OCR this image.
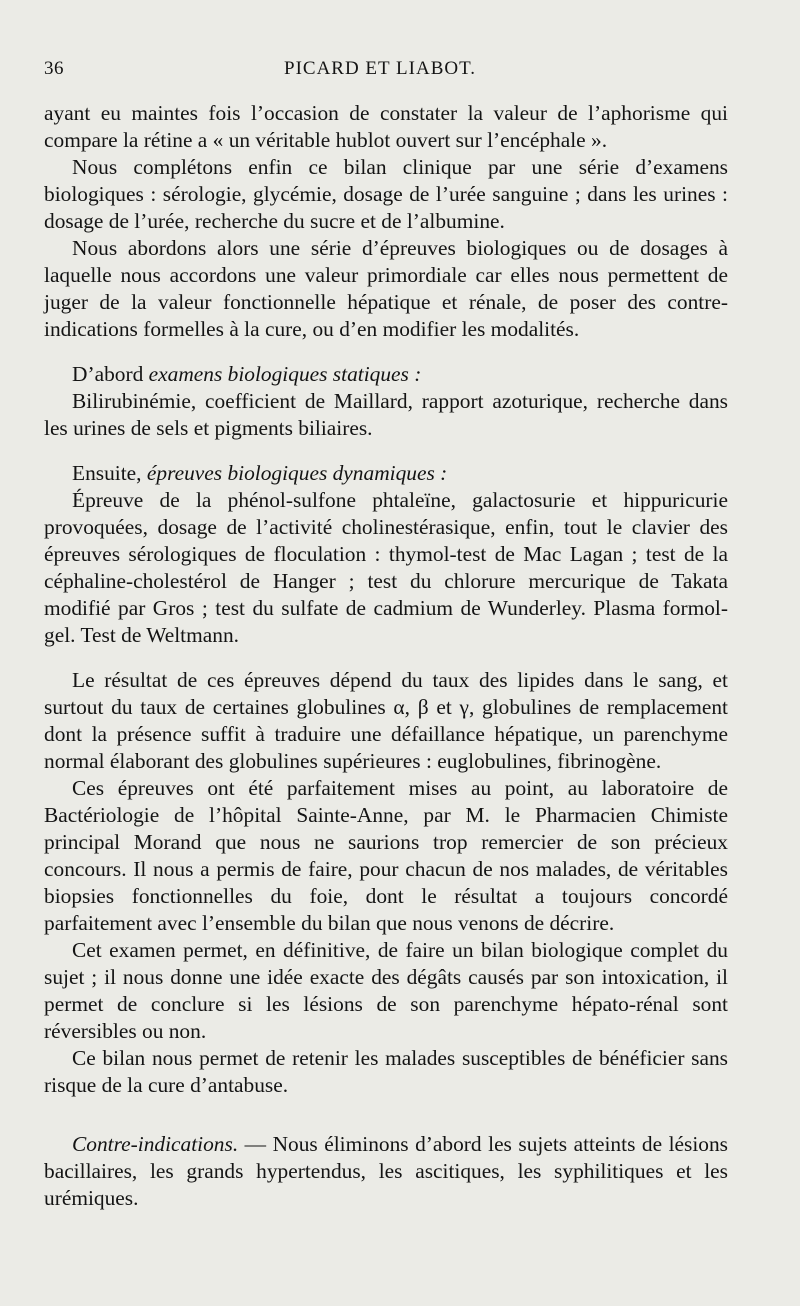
36	PICARD ET LIABOT.

ayant eu maintes fois l’occasion de constater la valeur de l’aphorisme qui compare la rétine a « un véritable hublot ouvert sur l’encéphale ».

Nous complétons enfin ce bilan clinique par une série d’examens biologiques : sérologie, glycémie, dosage de l’urée sanguine ; dans les urines : dosage de l’urée, recherche du sucre et de l’albumine.

Nous abordons alors une série d’épreuves biologiques ou de dosages à laquelle nous accordons une valeur primordiale car elles nous permettent de juger de la valeur fonctionnelle hépatique et rénale, de poser des contre-indications formelles à la cure, ou d’en modifier les modalités.

D’abord examens biologiques statiques :

Bilirubinémie, coefficient de Maillard, rapport azoturique, recherche dans les urines de sels et pigments biliaires.

Ensuite, épreuves biologiques dynamiques :

Épreuve de la phénol-sulfone phtaleïne, galactosurie et hippuricurie provoquées, dosage de l’activité cholinestérasique, enfin, tout le clavier des épreuves sérologiques de floculation : thymol-test de Mac Lagan ; test de la céphaline-cholestérol de Hanger ; test du chlorure mercurique de Takata modifié par Gros ; test du sulfate de cadmium de Wunderley. Plasma formol-gel. Test de Weltmann.

Le résultat de ces épreuves dépend du taux des lipides dans le sang, et surtout du taux de certaines globulines α, β et γ, globulines de remplacement dont la présence suffit à traduire une défaillance hépatique, un parenchyme normal élaborant des globulines supérieures : euglobulines, fibrinogène.

Ces épreuves ont été parfaitement mises au point, au laboratoire de Bactériologie de l’hôpital Sainte-Anne, par M. le Pharmacien Chimiste principal Morand que nous ne saurions trop remercier de son précieux concours. Il nous a permis de faire, pour chacun de nos malades, de véritables biopsies fonctionnelles du foie, dont le résultat a toujours concordé parfaitement avec l’ensemble du bilan que nous venons de décrire.

Cet examen permet, en définitive, de faire un bilan biologique complet du sujet ; il nous donne une idée exacte des dégâts causés par son intoxication, il permet de conclure si les lésions de son parenchyme hépato-rénal sont réversibles ou non.

Ce bilan nous permet de retenir les malades susceptibles de bénéficier sans risque de la cure d’antabuse.

Contre-indications. — Nous éliminons d’abord les sujets atteints de lésions bacillaires, les grands hypertendus, les ascitiques, les syphilitiques et les urémiques.
